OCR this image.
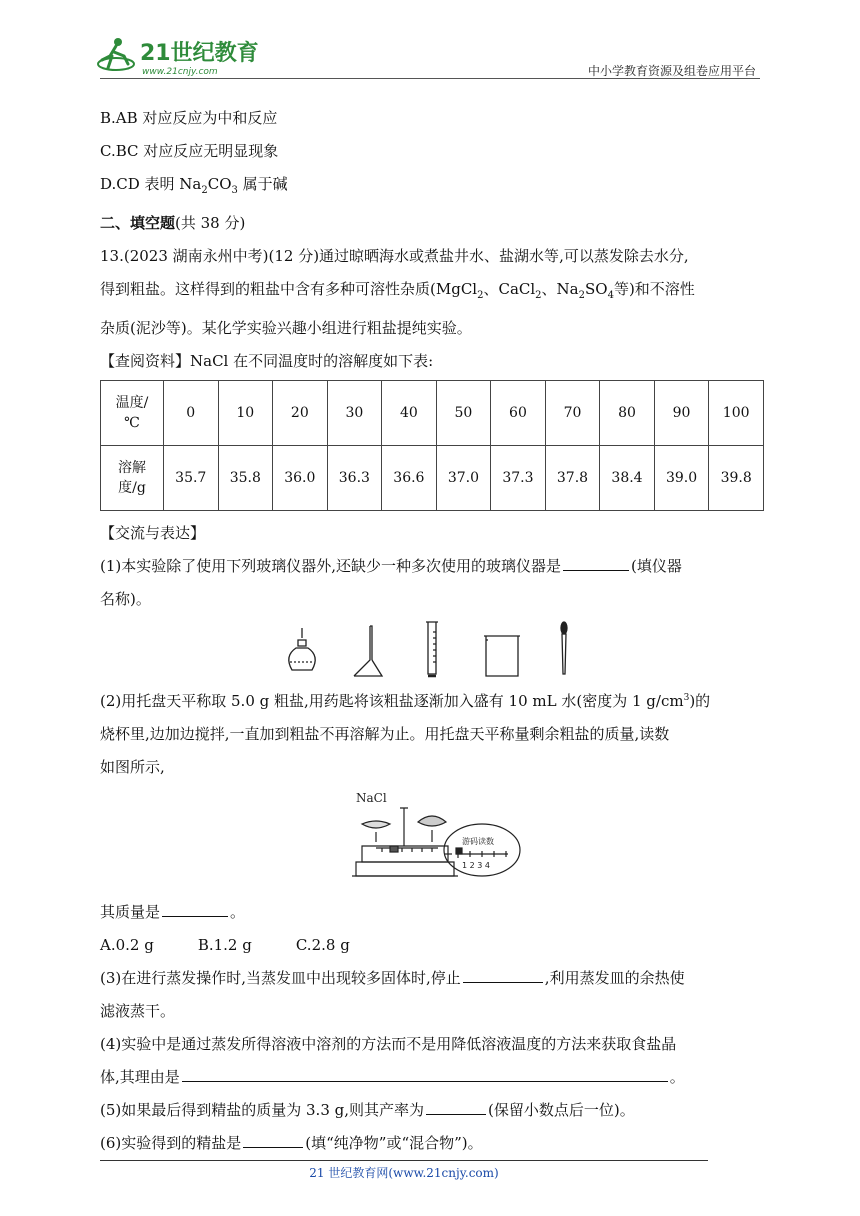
21世纪教育
www.21cnjy.com	中小学教育资源及组卷应用平台

B.AB 对应反应为中和反应

C.BC 对应反应无明显现象

D.CD 表明 $Na_2CO_3$ 属于碱

二、填空题(共 38 分)

13.(2023 湖南永州中考)(12 分)通过晾晒海水或煮盐井水、盐湖水等,可以蒸发除去水分,

得到粗盐。这样得到的粗盐中含有多种可溶性杂质(MgCl$_2$、CaCl$_2$、$Na_2SO_4$等)和不溶性

杂质(泥沙等)。某化学实验兴趣小组进行粗盐提纯实验。

【查阅资料】NaCl 在不同温度时的溶解度如下表:

温度/
℃	0	10	20	30	40	50	60	70	80	90	100
溶解
度/g	35.7	35.8	36.0	36.3	36.6	37.0	37.3	37.8	38.4	39.0	39.8

【交流与表达】

(1)本实验除了使用下列玻璃仪器外,还缺少一种多次使用的玻璃仪器是	(填仪器

名称)。

(2)用托盘天平称取 5.0 g 粗盐,用药匙将该粗盐逐渐加入盛有 10 mL 水(密度为 1 $g/cm^3$)的

烧杯里,边加边搅拌,一直加到粗盐不再溶解为止。用托盘天平称量剩余粗盐的质量,读数

如图所示,

NaCl
游码读数
1 2 3 4

其质量是	。

A.0.2 g	B.1.2 g	C.2.8 g

(3)在进行蒸发操作时,当蒸发皿中出现较多固体时,停止	,利用蒸发皿的余热使

滤液蒸干。

(4)实验中是通过蒸发所得溶液中溶剂的方法而不是用降低溶液温度的方法来获取食盐晶

体,其理由是	。

(5)如果最后得到精盐的质量为 3.3 g,则其产率为	(保留小数点后一位)。

(6)实验得到的精盐是	(填“纯净物”或“混合物”)。

21 世纪教育网(www.21cnjy.com)
